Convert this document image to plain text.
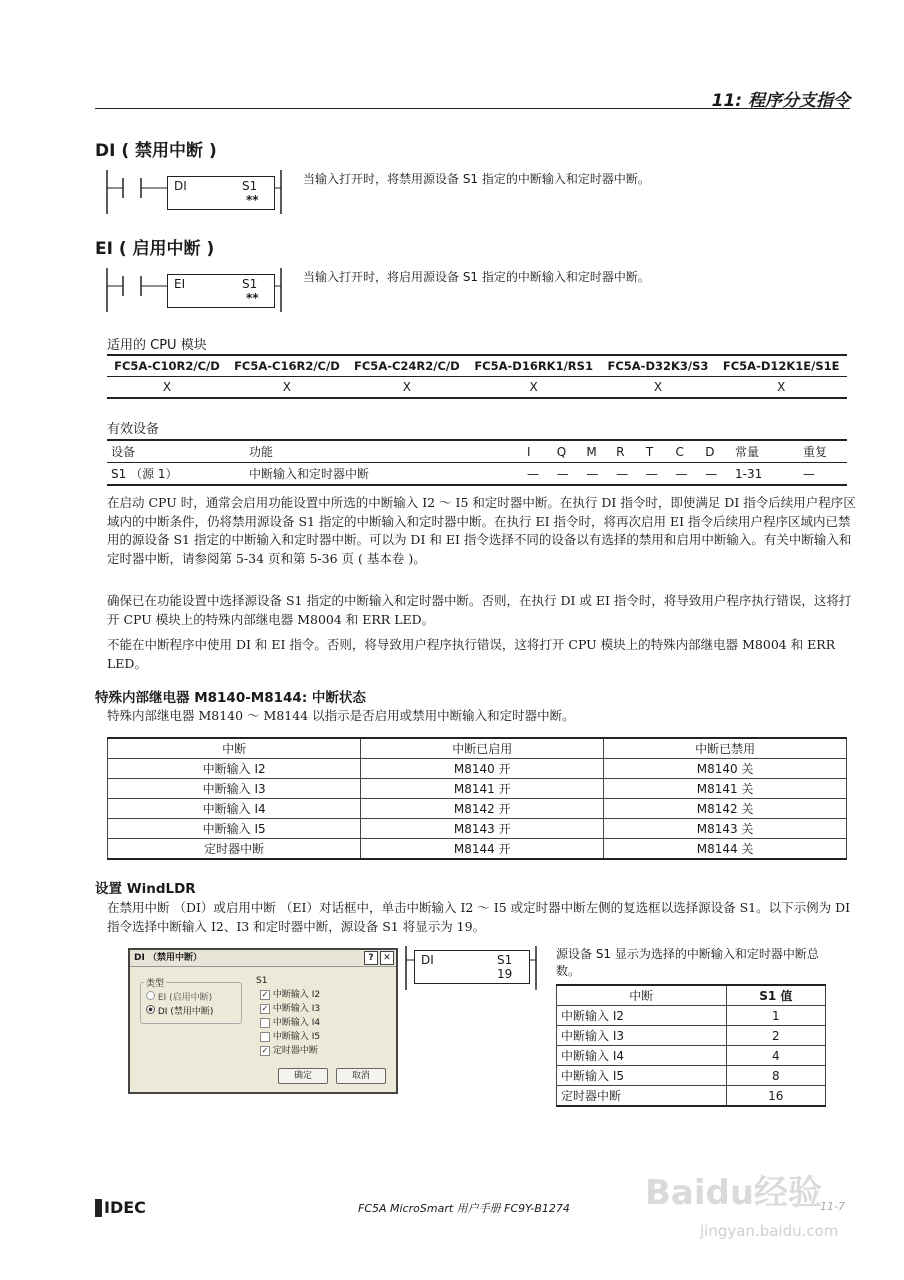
11: 程序分支指令
DI ( 禁用中断 )
DI	S1
**
当输入打开时，将禁用源设备 S1 指定的中断输入和定时器中断。
EI ( 启用中断 )
EI	S1
**
当输入打开时，将启用源设备 S1 指定的中断输入和定时器中断。
适用的 CPU 模块
FC5A-C10R2/C/D	FC5A-C16R2/C/D	FC5A-C24R2/C/D	FC5A-D16RK1/RS1	FC5A-D32K3/S3	FC5A-D12K1E/S1E
X	X	X	X	X	X
有效设备
设备	功能	I	Q	M	R	T	C	D	常量	重复
S1 （源 1）	中断输入和定时器中断	—	—	—	—	—	—	—	1-31	—
在启动 CPU 时，通常会启用功能设置中所选的中断输入 I2 ～ I5 和定时器中断。在执行 DI 指令时，即使满足 DI 指令后续用户程序区域内的中断条件，仍将禁用源设备 S1 指定的中断输入和定时器中断。在执行 EI 指令时，将再次启用 EI 指令后续用户程序区域内已禁用的源设备 S1 指定的中断输入和定时器中断。可以为 DI 和 EI 指令选择不同的设备以有选择的禁用和启用中断输入。有关中断输入和定时器中断，请参阅第 5-34 页和第 5-36 页 ( 基本卷 )。
确保已在功能设置中选择源设备 S1 指定的中断输入和定时器中断。否则，在执行 DI 或 EI 指令时，将导致用户程序执行错误，这将打开 CPU 模块上的特殊内部继电器 M8004 和 ERR LED。
不能在中断程序中使用 DI 和 EI 指令。否则，将导致用户程序执行错误，这将打开 CPU 模块上的特殊内部继电器 M8004 和 ERR LED。
特殊内部继电器 M8140-M8144: 中断状态
特殊内部继电器 M8140 ～ M8144 以指示是否启用或禁用中断输入和定时器中断。
中断	中断已启用	中断已禁用
中断输入 I2	M8140 开	M8140 关
中断输入 I3	M8141 开	M8141 关
中断输入 I4	M8142 开	M8142 关
中断输入 I5	M8143 开	M8143 关
定时器中断	M8144 开	M8144 关
设置 WindLDR
在禁用中断 （DI）或启用中断 （EI）对话框中，单击中断输入 I2 ～ I5 或定时器中断左侧的复选框以选择源设备 S1。以下示例为 DI 指令选择中断输入 I2、I3 和定时器中断，源设备 S1 将显示为 19。
DI （禁用中断）	?	✕
类型
EI (启用中断)
DI (禁用中断)
S1
✓ 中断输入 I2
✓ 中断输入 I3
中断输入 I4
中断输入 I5
✓ 定时器中断
确定	取消
DI	S1
19
源设备 S1 显示为选择的中断输入和定时器中断总数。
中断	S1 值
中断输入 I2	1
中断输入 I3	2
中断输入 I4	4
中断输入 I5	8
定时器中断	16
IDEC	FC5A MicroSmart 用户手册 FC9Y-B1274	11-7
Baidu经验
jingyan.baidu.com
